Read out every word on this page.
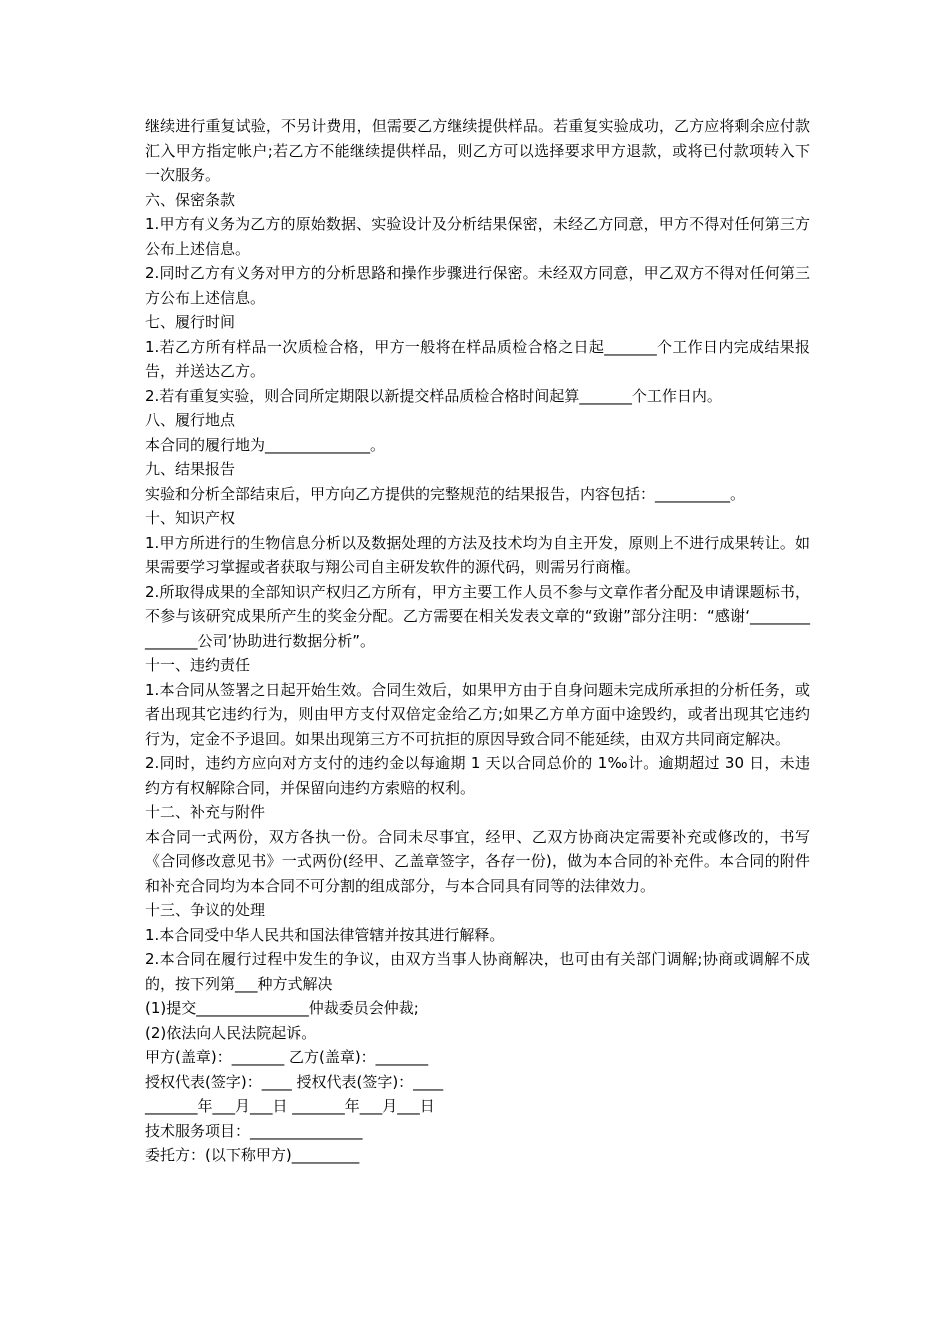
继续进行重复试验，不另计费用，但需要乙方继续提供样品。若重复实验成功，乙方应将剩余应付款汇入甲方指定帐户;若乙方不能继续提供样品，则乙方可以选择要求甲方退款，或将已付款项转入下一次服务。

六、保密条款

1.甲方有义务为乙方的原始数据、实验设计及分析结果保密，未经乙方同意，甲方不得对任何第三方公布上述信息。

2.同时乙方有义务对甲方的分析思路和操作步骤进行保密。未经双方同意，甲乙双方不得对任何第三方公布上述信息。

七、履行时间

1.若乙方所有样品一次质检合格，甲方一般将在样品质检合格之日起_______个工作日内完成结果报告，并送达乙方。

2.若有重复实验，则合同所定期限以新提交样品质检合格时间起算_______个工作日内。

八、履行地点

本合同的履行地为______________。

九、结果报告

实验和分析全部结束后，甲方向乙方提供的完整规范的结果报告，内容包括：__________。

十、知识产权

1.甲方所进行的生物信息分析以及数据处理的方法及技术均为自主开发，原则上不进行成果转让。如果需要学习掌握或者获取与翔公司自主研发软件的源代码，则需另行商権。

2.所取得成果的全部知识产权归乙方所有，甲方主要工作人员不参与文章作者分配及申请课题标书，不参与该研究成果所产生的奖金分配。乙方需要在相关发表文章的“致谢”部分注明：“感谢‘_______________公司’协助进行数据分析”。

十一、违约责任

1.本合同从签署之日起开始生效。合同生效后，如果甲方由于自身问题未完成所承担的分析任务，或者出现其它违约行为，则由甲方支付双倍定金给乙方;如果乙方单方面中途毁约，或者出现其它违约行为，定金不予退回。如果出现第三方不可抗拒的原因导致合同不能延续，由双方共同商定解决。

2.同时，违约方应向对方支付的违约金以每逾期 1 天以合同总价的 1‰计。逾期超过 30 日，未违约方有权解除合同，并保留向违约方索赔的权利。

十二、补充与附件

本合同一式两份，双方各执一份。合同未尽事宜，经甲、乙双方协商决定需要补充或修改的，书写《合同修改意见书》一式两份(经甲、乙盖章签字，各存一份)，做为本合同的补充件。本合同的附件和补充合同均为本合同不可分割的组成部分，与本合同具有同等的法律效力。

十三、争议的处理

1.本合同受中华人民共和国法律管辖并按其进行解释。

2.本合同在履行过程中发生的争议，由双方当事人协商解决，也可由有关部门调解;协商或调解不成的，按下列第___种方式解决

(1)提交_______________仲裁委员会仲裁;

(2)依法向人民法院起诉。

甲方(盖章)：_______ 乙方(盖章)：_______

授权代表(签字)：____ 授权代表(签字)：____

_______年___月___日 _______年___月___日

技术服务项目：_______________

委托方：(以下称甲方)_________
